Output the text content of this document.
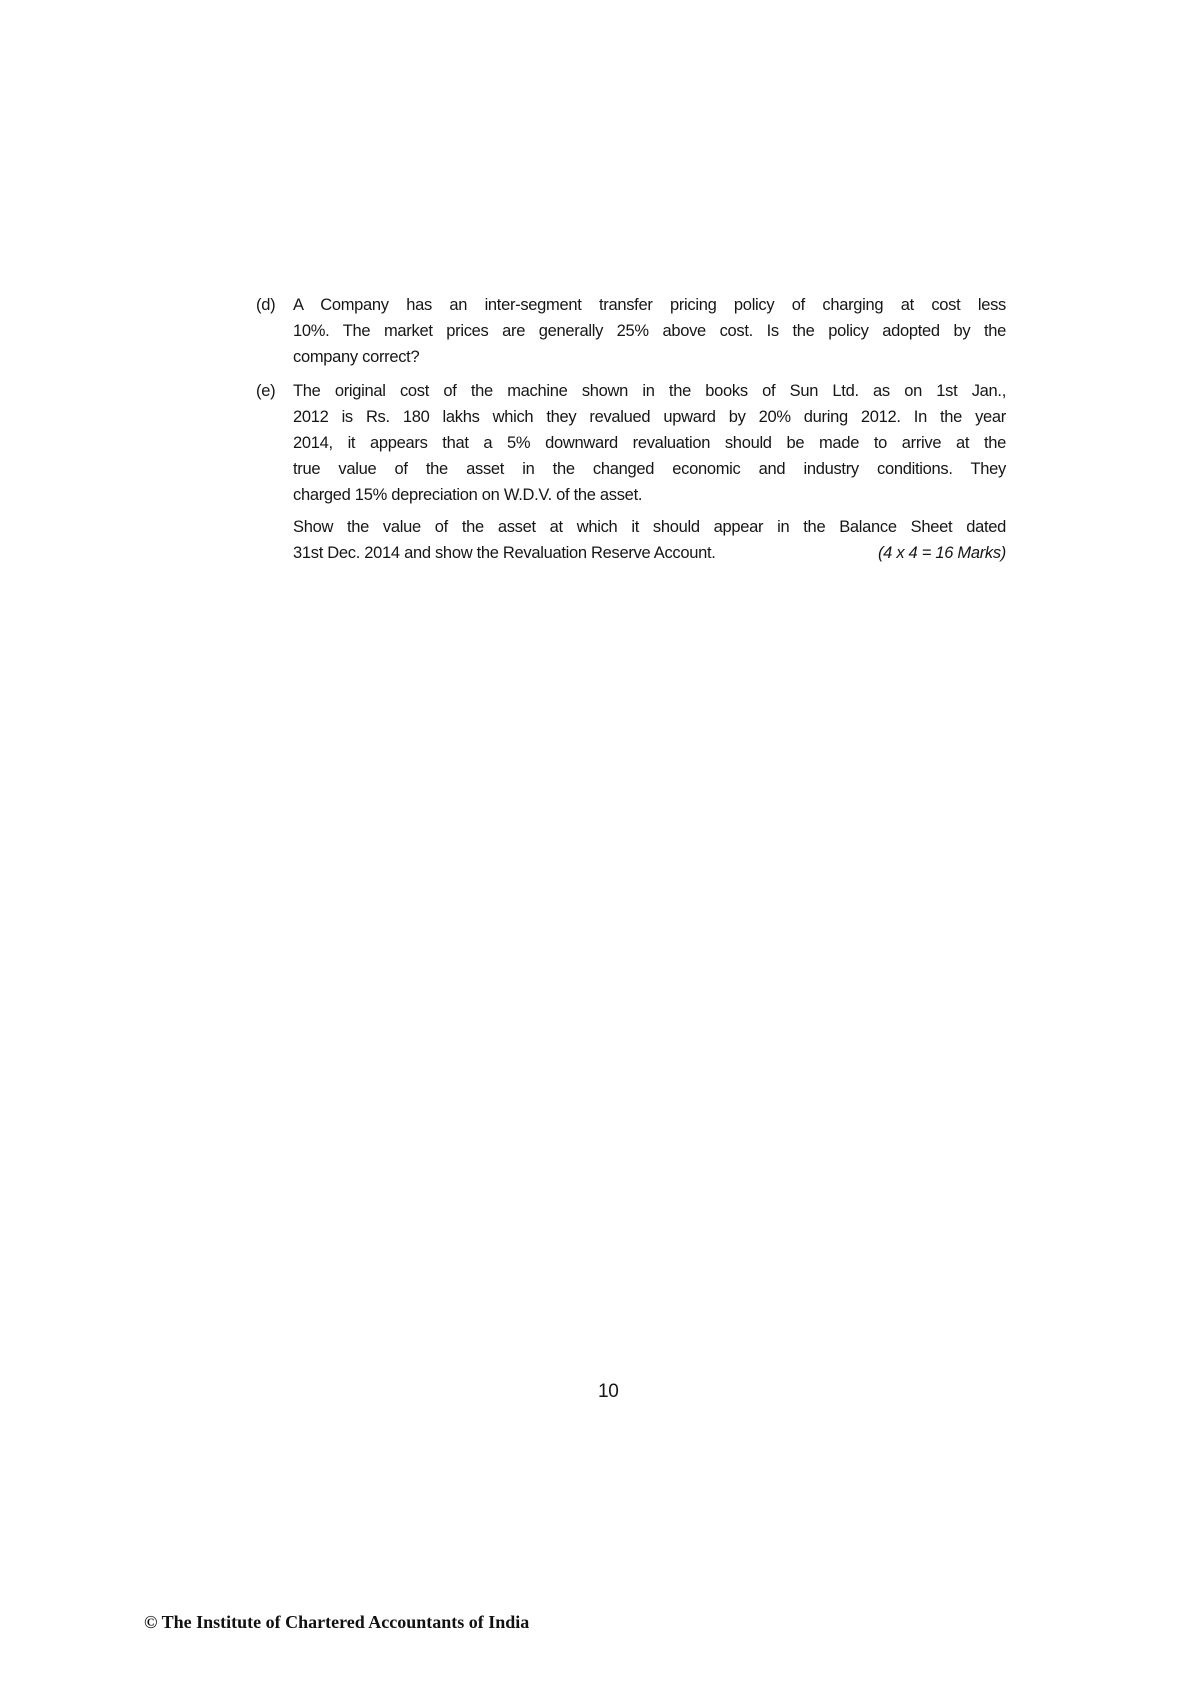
(d)	A Company has an inter-segment transfer pricing policy of charging at cost less
10%. The market prices are generally 25% above cost. Is the policy adopted by the
company correct?
(e)	The original cost of the machine shown in the books of Sun Ltd. as on 1st Jan.,
2012 is Rs. 180 lakhs which they revalued upward by 20% during 2012. In the year
2014, it appears that a 5% downward revaluation should be made to arrive at the
true value of the asset in the changed economic and industry conditions. They
charged 15% depreciation on W.D.V. of the asset.
Show the value of the asset at which it should appear in the Balance Sheet dated
31st Dec. 2014 and show the Revaluation Reserve Account.	(4 x 4 = 16 Marks)
10
© The Institute of Chartered Accountants of India
